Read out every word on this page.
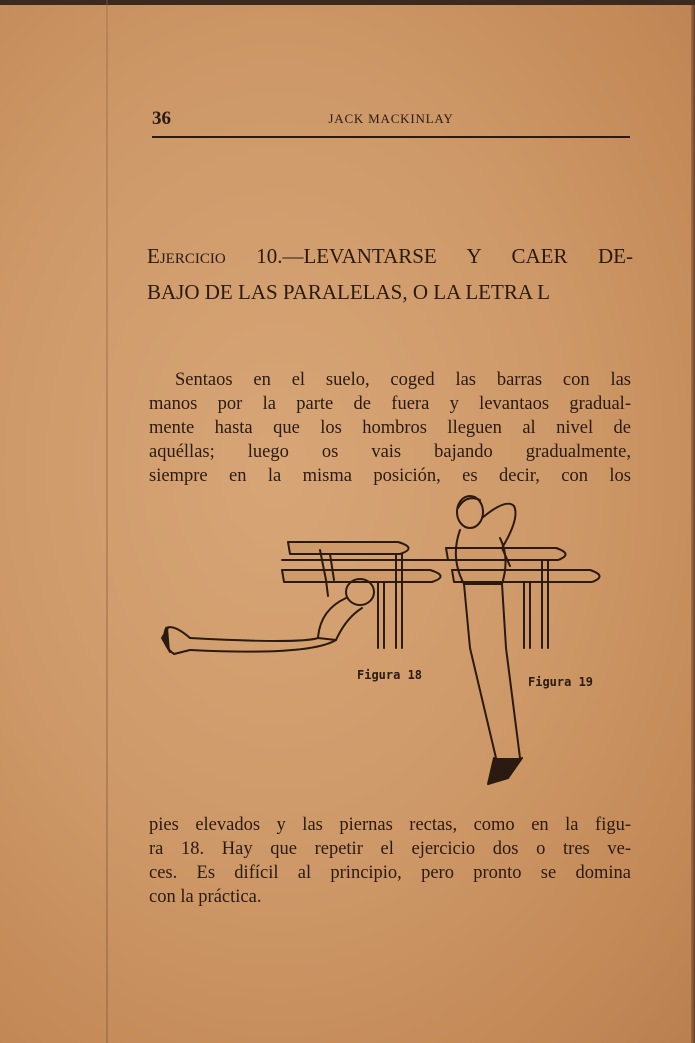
36	JACK MACKINLAY
Ejercicio 10.—LEVANTARSE Y CAER DE-
BAJO DE LAS PARALELAS, O LA LETRA L
Sentaos en el suelo, coged las barras con las
manos por la parte de fuera y levantaos gradual-
mente hasta que los hombros lleguen al nivel de
aquéllas; luego os vais bajando gradualmente,
siempre en la misma posición, es decir, con los
Figura 18	Figura 19
pies elevados y las piernas rectas, como en la figu-
ra 18. Hay que repetir el ejercicio dos o tres ve-
ces. Es difícil al principio, pero pronto se domina
con la práctica.
